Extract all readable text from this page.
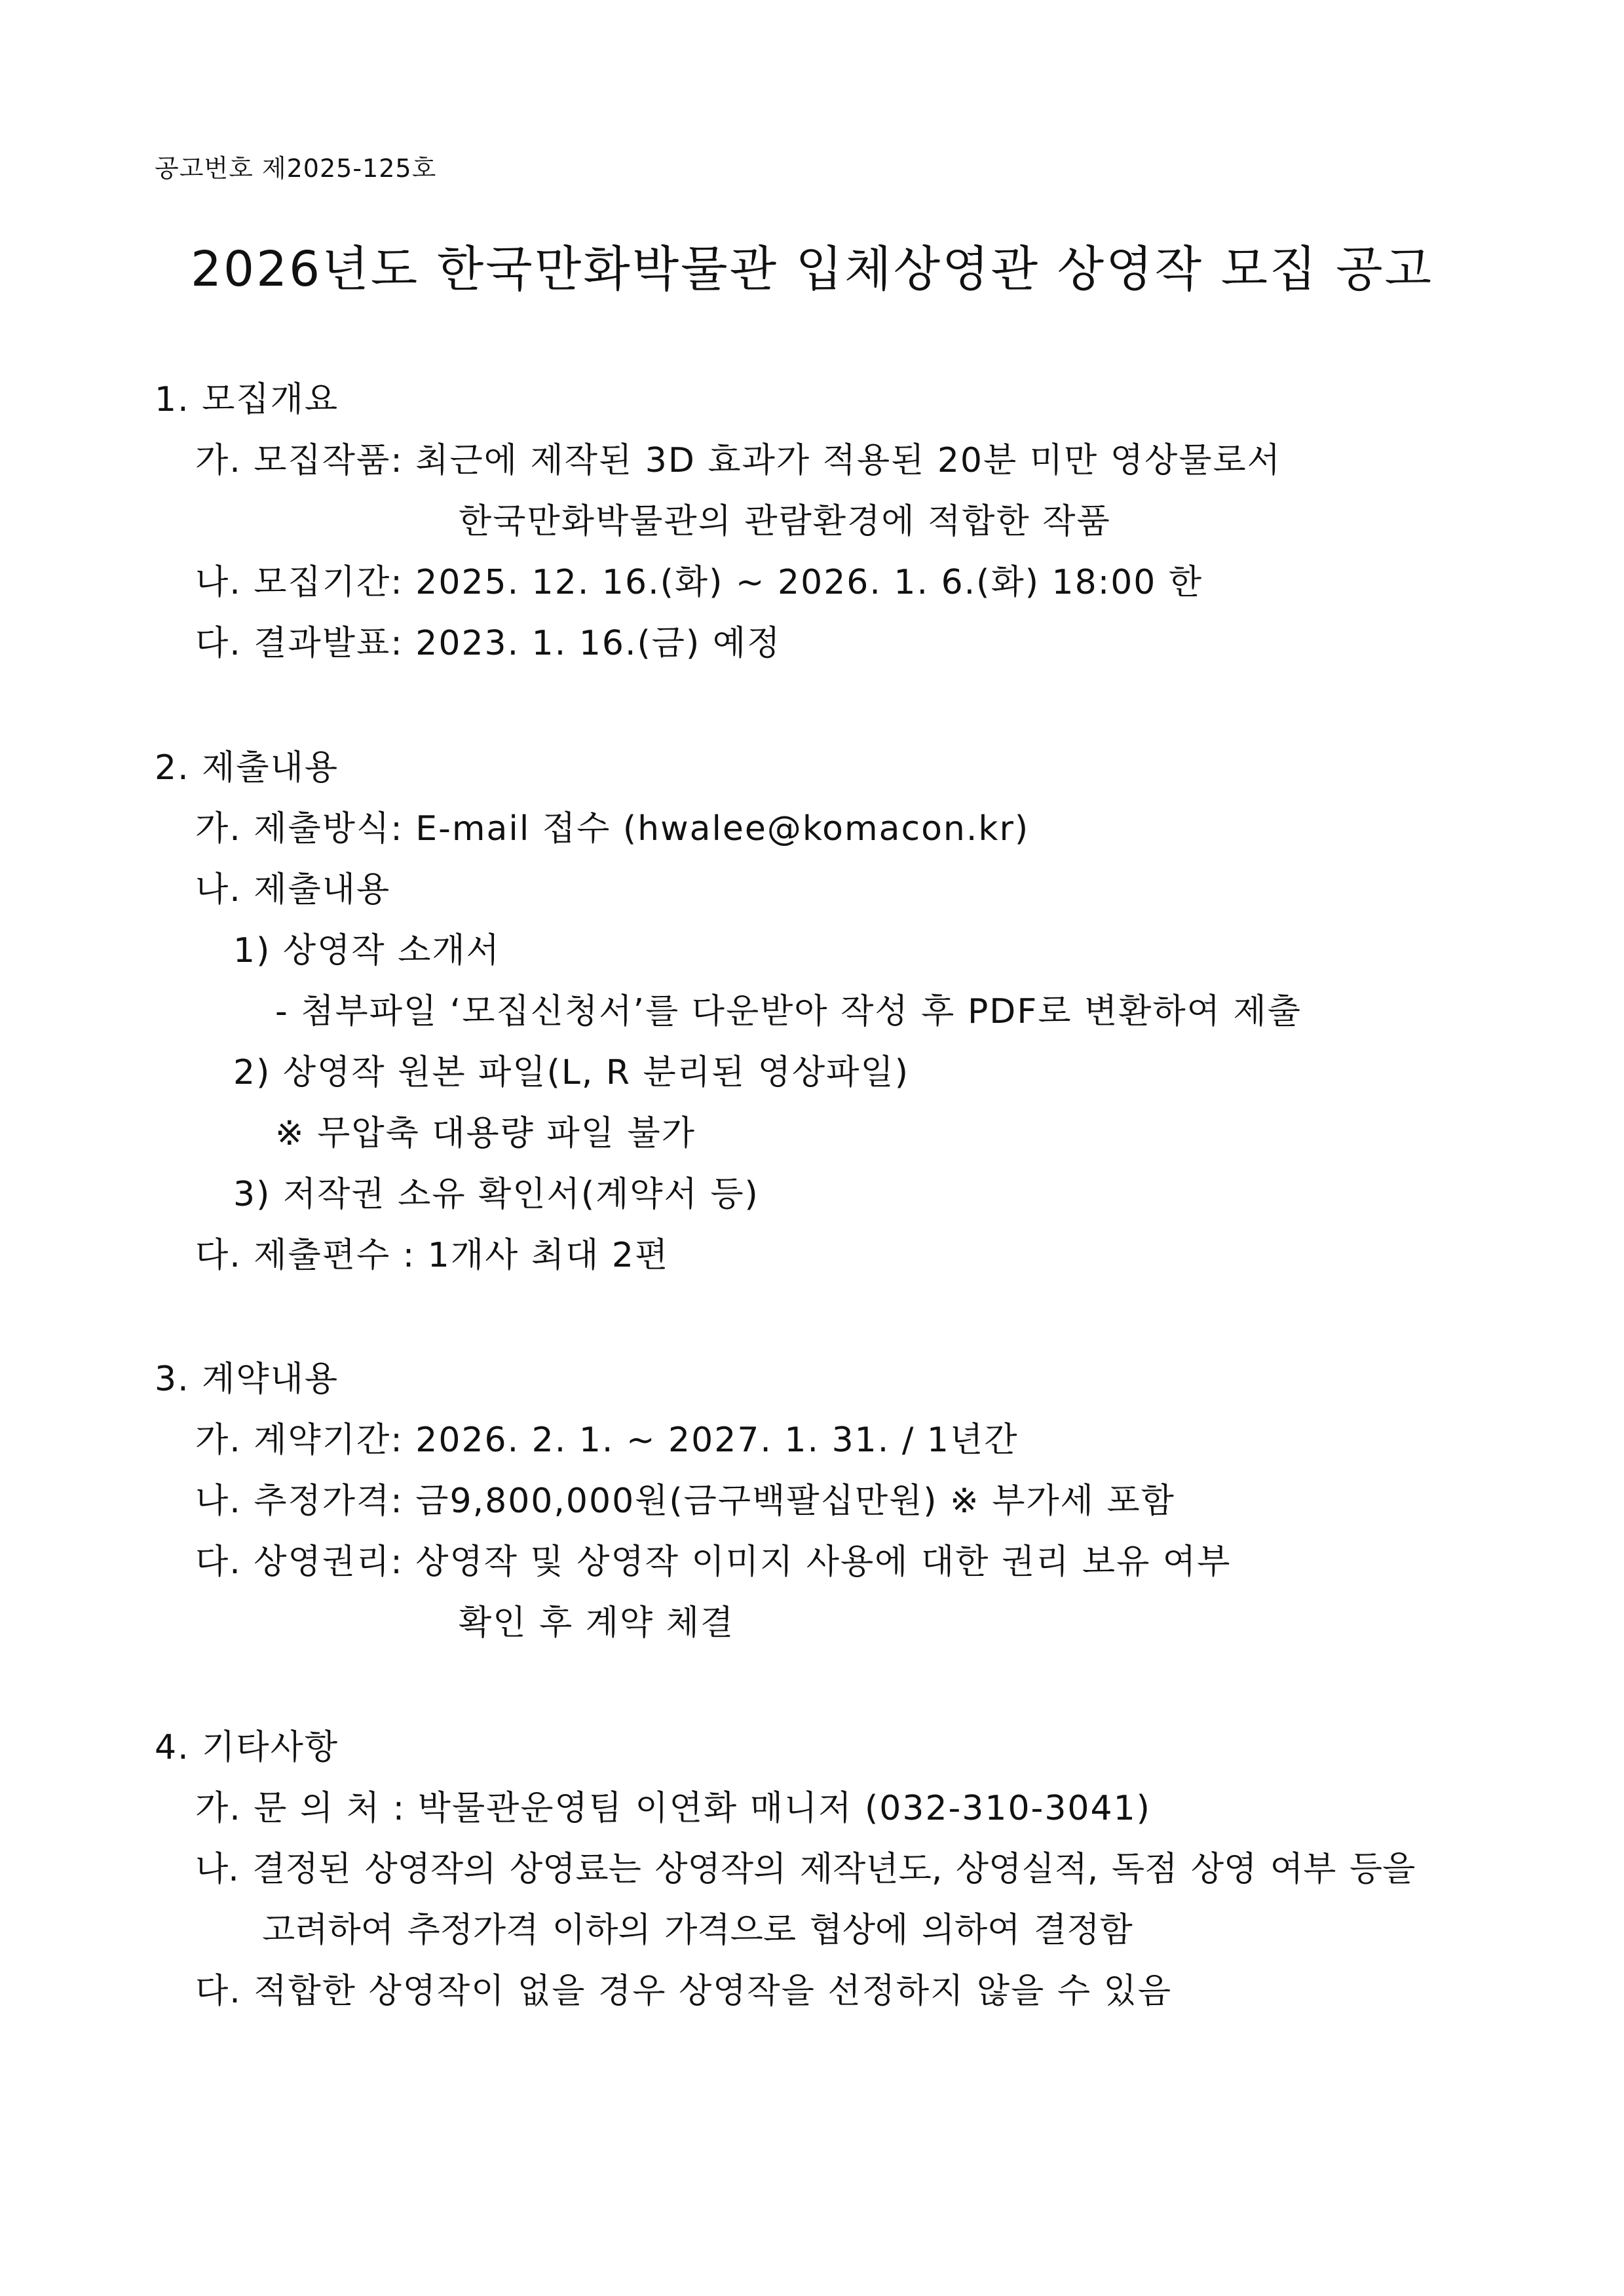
공고번호 제2025-125호
2026년도 한국만화박물관 입체상영관 상영작 모집 공고
1. 모집개요
가. 모집작품: 최근에 제작된 3D 효과가 적용된 20분 미만 영상물로서
한국만화박물관의 관람환경에 적합한 작품
나. 모집기간: 2025. 12. 16.(화) ~ 2026. 1. 6.(화) 18:00 한
다. 결과발표: 2023. 1. 16.(금) 예정
2. 제출내용
가. 제출방식: E-mail 접수 (hwalee@komacon.kr)
나. 제출내용
1) 상영작 소개서
- 첨부파일 ‘모집신청서’를 다운받아 작성 후 PDF로 변환하여 제출
2) 상영작 원본 파일(L, R 분리된 영상파일)
※ 무압축 대용량 파일 불가
3) 저작권 소유 확인서(계약서 등)
다. 제출편수 : 1개사 최대 2편
3. 계약내용
가. 계약기간: 2026. 2. 1. ~ 2027. 1. 31. / 1년간
나. 추정가격: 금9,800,000원(금구백팔십만원) ※ 부가세 포함
다. 상영권리: 상영작 및 상영작 이미지 사용에 대한 권리 보유 여부
확인 후 계약 체결
4. 기타사항
가. 문 의 처 : 박물관운영팀 이연화 매니저 (032-310-3041)
나. 결정된 상영작의 상영료는 상영작의 제작년도, 상영실적, 독점 상영 여부 등을
고려하여 추정가격 이하의 가격으로 협상에 의하여 결정함
다. 적합한 상영작이 없을 경우 상영작을 선정하지 않을 수 있음
